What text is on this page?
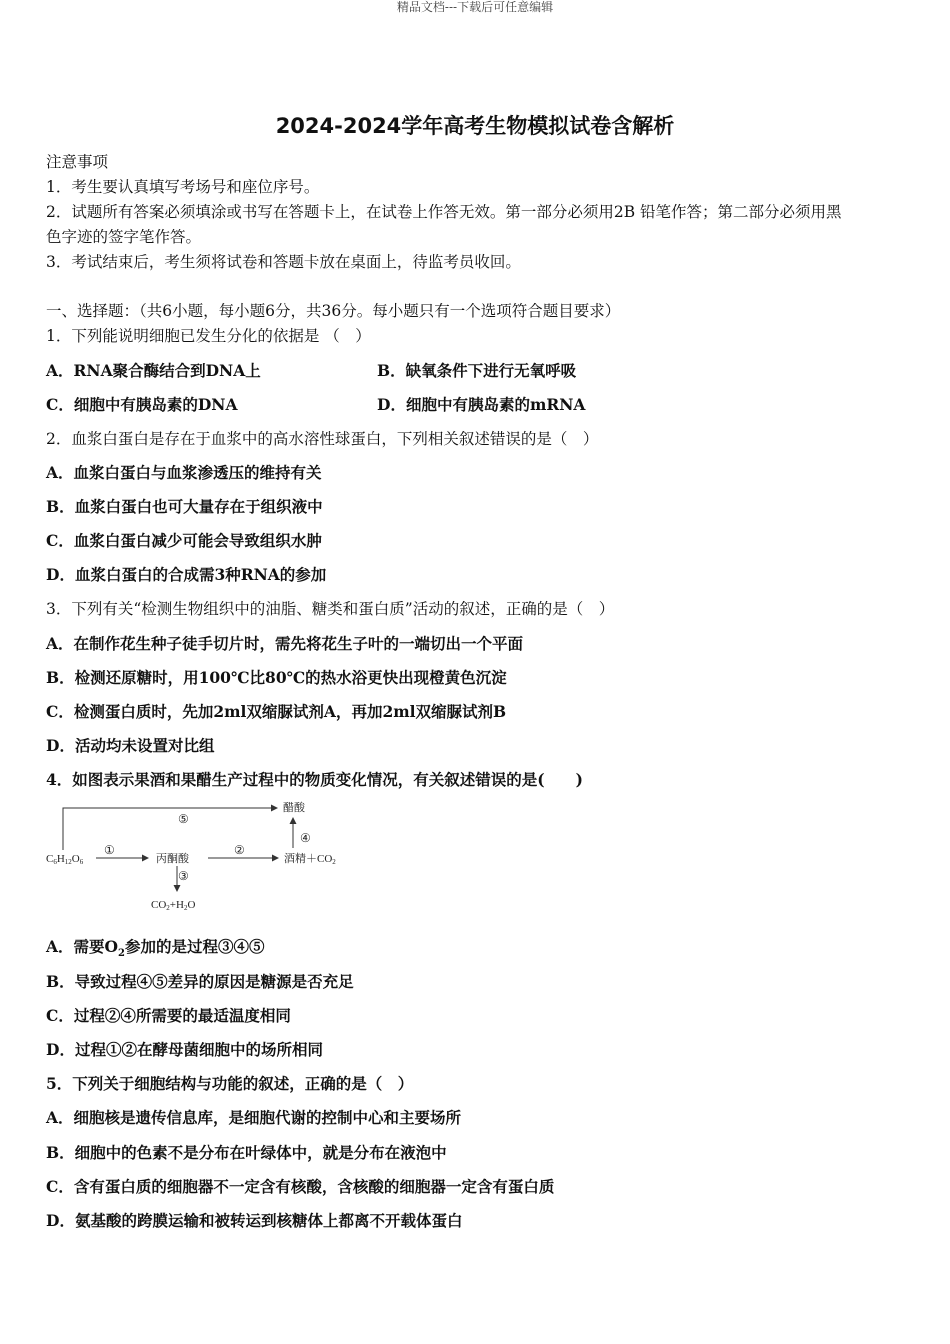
精品文档---下载后可任意编辑
2024-2024学年高考生物模拟试卷含解析
注意事项
1．考生要认真填写考场号和座位序号。
2．试题所有答案必须填涂或书写在答题卡上，在试卷上作答无效。第一部分必须用2B 铅笔作答；第二部分必须用黑
色字迹的签字笔作答。
3．考试结束后，考生须将试卷和答题卡放在桌面上，待监考员收回。
一、选择题：（共6小题，每小题6分，共36分。每小题只有一个选项符合题目要求）
1．下列能说明细胞已发生分化的依据是 （　）
A．RNA聚合酶结合到DNA上	B．缺氧条件下进行无氧呼吸
C．细胞中有胰岛素的DNA	D．细胞中有胰岛素的mRNA
2．血浆白蛋白是存在于血浆中的高水溶性球蛋白，下列相关叙述错误的是（　）
A．血浆白蛋白与血浆渗透压的维持有关
B．血浆白蛋白也可大量存在于组织液中
C．血浆白蛋白减少可能会导致组织水肿
D．血浆白蛋白的合成需3种RNA的参加
3．下列有关“检测生物组织中的油脂、糖类和蛋白质”活动的叙述，正确的是（　）
A．在制作花生种子徒手切片时，需先将花生子叶的一端切出一个平面
B．检测还原糖时，用100℃比80℃的热水浴更快出现橙黄色沉淀
C．检测蛋白质时，先加2ml双缩脲试剂A，再加2ml双缩脲试剂B
D．活动均未设置对比组
4．如图表示果酒和果醋生产过程中的物质变化情况，有关叙述错误的是(　　)
C6H12O6	丙酮酸	酒精＋CO2
醋酸
CO2+H2O
①	②
③
④
⑤
A．需要$O_2$参加的是过程③④⑤
B．导致过程④⑤差异的原因是糖源是否充足
C．过程②④所需要的最适温度相同
D．过程①②在酵母菌细胞中的场所相同
5．下列关于细胞结构与功能的叙述，正确的是（　）
A．细胞核是遗传信息库，是细胞代谢的控制中心和主要场所
B．细胞中的色素不是分布在叶绿体中，就是分布在液泡中
C．含有蛋白质的细胞器不一定含有核酸，含核酸的细胞器一定含有蛋白质
D．氨基酸的跨膜运输和被转运到核糖体上都离不开载体蛋白
